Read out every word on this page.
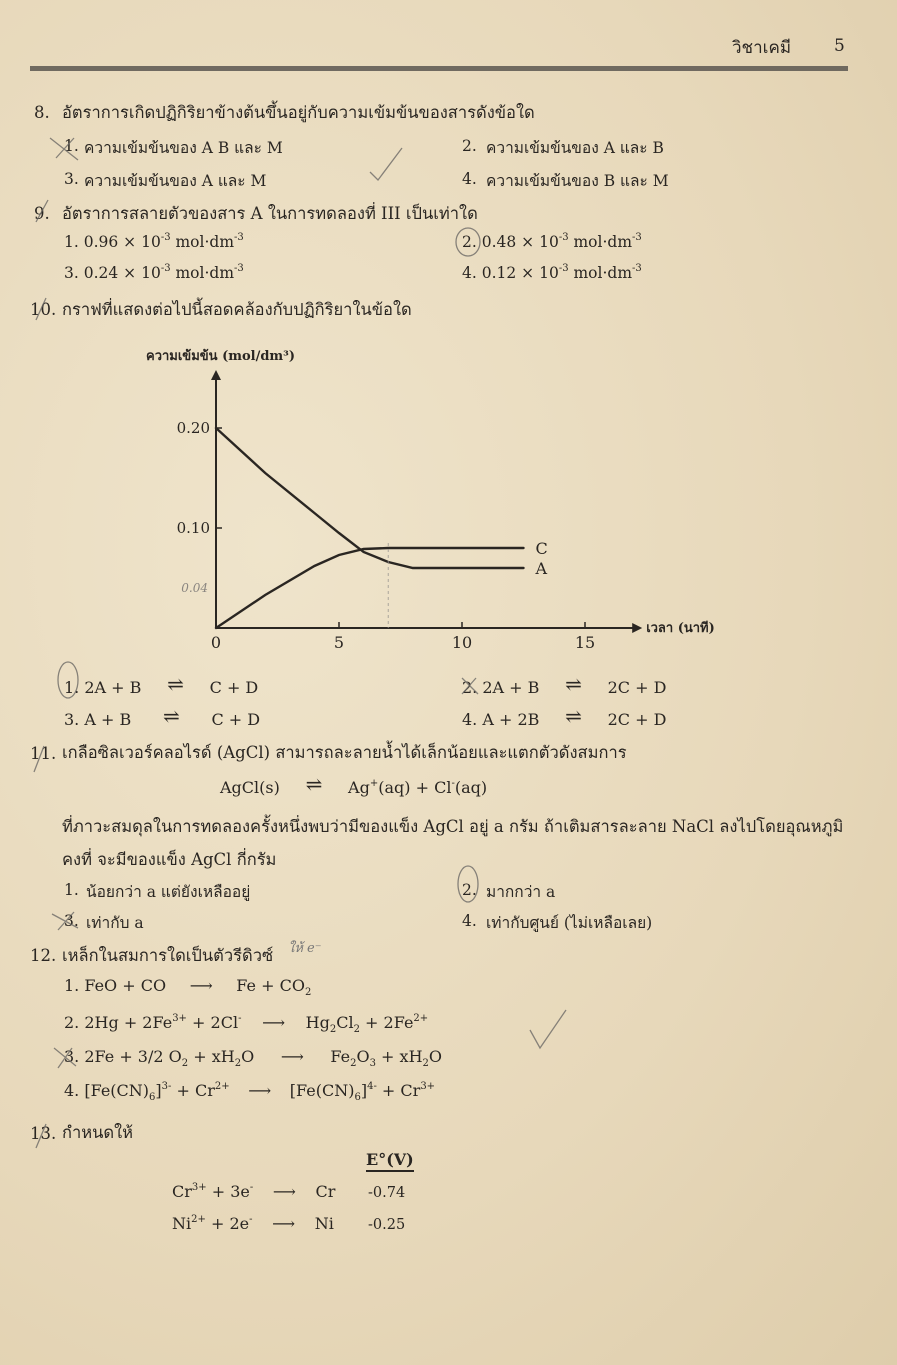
วิชาเคมี	5
8. อัตราการเกิดปฏิกิริยาข้างต้นขึ้นอยู่กับความเข้มข้นของสารดังข้อใด
1. ความเข้มข้นของ A B และ M	2. ความเข้มข้นของ A และ B
3. ความเข้มข้นของ A และ M	4. ความเข้มข้นของ B และ M
9. อัตราการสลายตัวของสาร A ในการทดลองที่ III เป็นเท่าใด
1. $0.96 \times 10^{-3}$ $mol\cdot dm^{-3}$	2. $0.48 \times 10^{-3}$ $mol\cdot dm^{-3}$
3. $0.24 \times 10^{-3}$ $mol\cdot dm^{-3}$	4. $0.12 \times 10^{-3}$ $mol\cdot dm^{-3}$
10. กราฟที่แสดงต่อไปนี้สอดคล้องกับปฏิกิริยาในข้อใด
ความเข้มข้น (mol/dm³)
เวลา (นาที)
0	5	10	15
0.20
0.10
0.04
A
C
1. 2A + B ⇌ C + D	2. 2A + B ⇌ 2C + D
3. A + B ⇌ C + D	4. A + 2B ⇌ 2C + D
11. เกลือซิลเวอร์คลอไรด์ (AgCl) สามารถละลายน้ำได้เล็กน้อยและแตกตัวดังสมการ
AgCl(s) ⇌ Ag+(aq) + Cl-(aq)
ที่ภาวะสมดุลในการทดลองครั้งหนึ่งพบว่ามีของแข็ง AgCl อยู่ a กรัม ถ้าเติมสารละลาย NaCl ลงไปโดยอุณหภูมิ
คงที่ จะมีของแข็ง AgCl กี่กรัม
1. น้อยกว่า a แต่ยังเหลืออยู่	2. มากกว่า a
3. เท่ากับ a	4. เท่ากับศูนย์ (ไม่เหลือเลย)
12. เหล็กในสมการใดเป็นตัวรีดิวซ์ ให้ e⁻
1. FeO + CO ⟶ $Fe + CO_2$
2. $2Hg + 2Fe^{3+} + 2Cl^-$ ⟶ $Hg_2Cl_2 + 2Fe^{2+}$
3. 2Fe + 3/2 $O_2 + xH_2O$ ⟶ $Fe_2O_3 + xH_2O$
4. $[Fe(CN)_6]^{3-} + Cr^{2+}$ ⟶ $[Fe(CN)_6]^{4-} + Cr^{3+}$
13. กำหนดให้
E°(V)
$Cr^{3+} + 3e^-$ ⟶ Cr -0.74
$Ni^{2+} + 2e^-$ ⟶ Ni -0.25
